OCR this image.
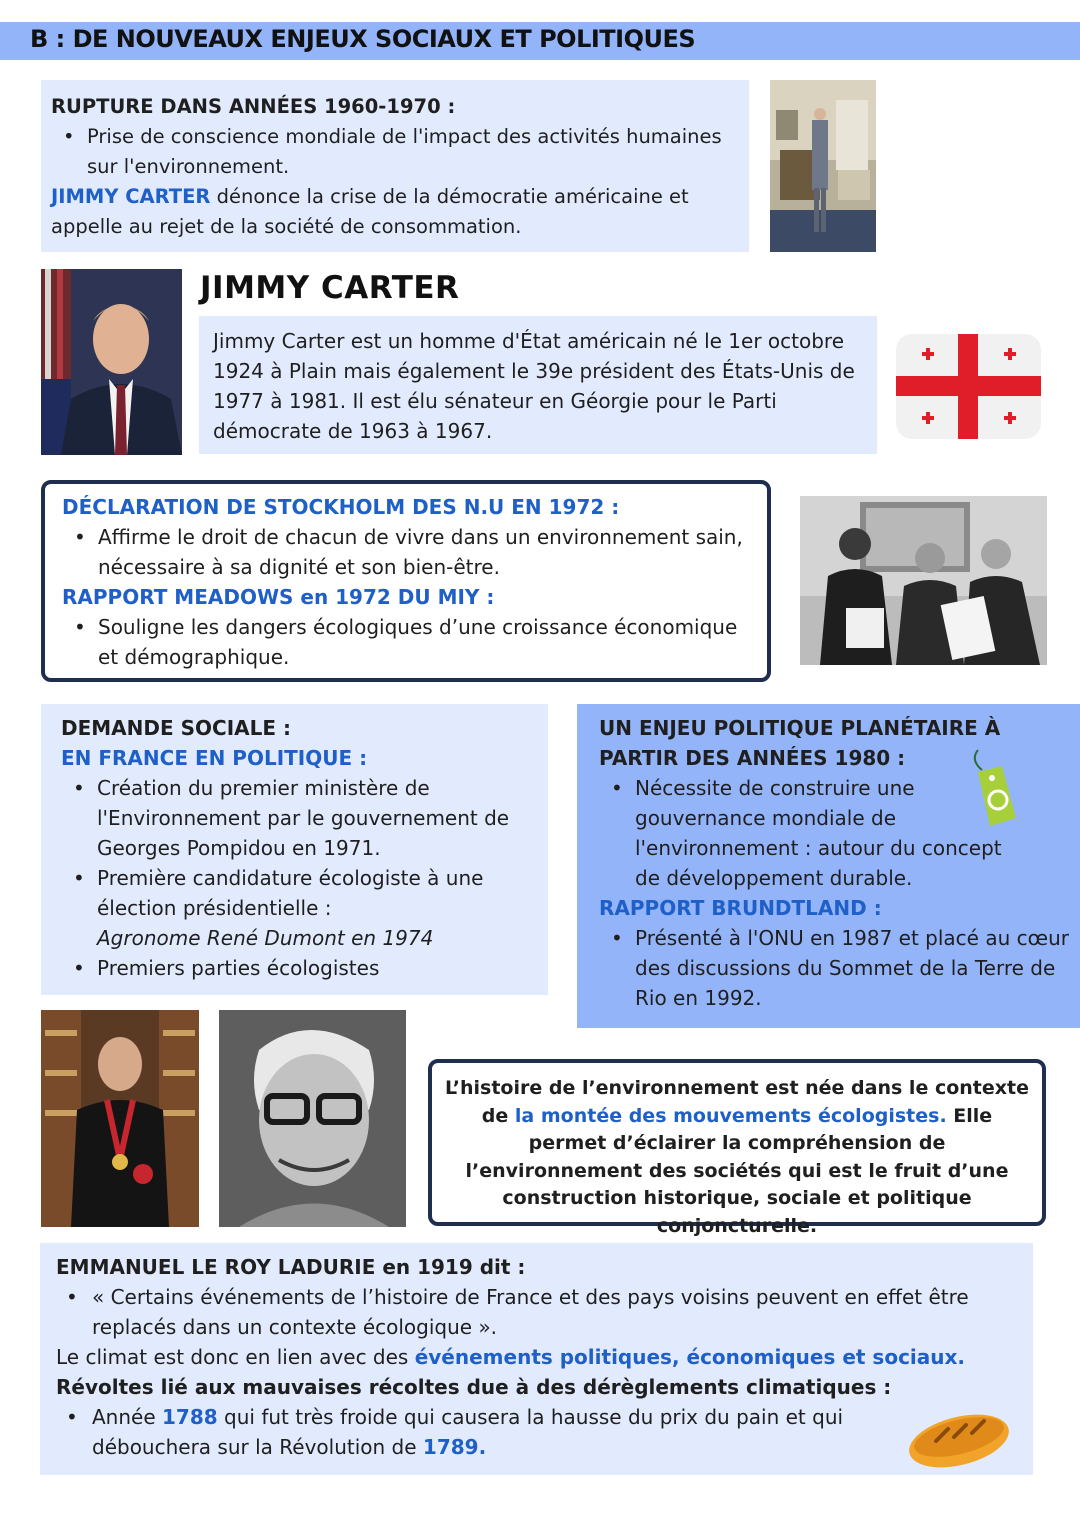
B : DE NOUVEAUX ENJEUX SOCIAUX ET POLITIQUES
RUPTURE DANS ANNÉES 1960-1970 :
• Prise de conscience mondiale de l'impact des activités humaines sur l'environnement.
JIMMY CARTER dénonce la crise de la démocratie américaine et appelle au rejet de la société de consommation.
JIMMY CARTER
Jimmy Carter est un homme d'État américain né le 1er octobre 1924 à Plain mais également le 39e président des États-Unis de 1977 à 1981. Il est élu sénateur en Géorgie pour le Parti démocrate de 1963 à 1967.
DÉCLARATION DE STOCKHOLM DES N.U EN 1972 :
• Affirme le droit de chacun de vivre dans un environnement sain, nécessaire à sa dignité et son bien-être.
RAPPORT MEADOWS en 1972 DU MIY :
• Souligne les dangers écologiques d’une croissance économique et démographique.
DEMANDE SOCIALE :
EN FRANCE EN POLITIQUE :
• Création du premier ministère de l'Environnement par le gouvernement de Georges Pompidou en 1971.
• Première candidature écologiste à une élection présidentielle :
Agronome René Dumont en 1974
• Premiers parties écologistes
UN ENJEU POLITIQUE PLANÉTAIRE À
PARTIR DES ANNÉES 1980 :
• Nécessite de construire une gouvernance mondiale de l'environnement : autour du concept de développement durable.
RAPPORT BRUNDTLAND :
• Présenté à l'ONU en 1987 et placé au cœur des discussions du Sommet de la Terre de Rio en 1992.

L’histoire de l’environnement est née dans le contexte de la montée des mouvements écologistes. Elle permet d’éclairer la compréhension de l’environnement des sociétés qui est le fruit d’une construction historique, sociale et politique conjoncturelle.

EMMANUEL LE ROY LADURIE en 1919 dit :
• « Certains événements de l’histoire de France et des pays voisins peuvent en effet être replacés dans un contexte écologique ».
Le climat est donc en lien avec des événements politiques, économiques et sociaux.
Révoltes lié aux mauvaises récoltes due à des dérèglements climatiques :
• Année 1788 qui fut très froide qui causera la hausse du prix du pain et qui débouchera sur la Révolution de 1789.
